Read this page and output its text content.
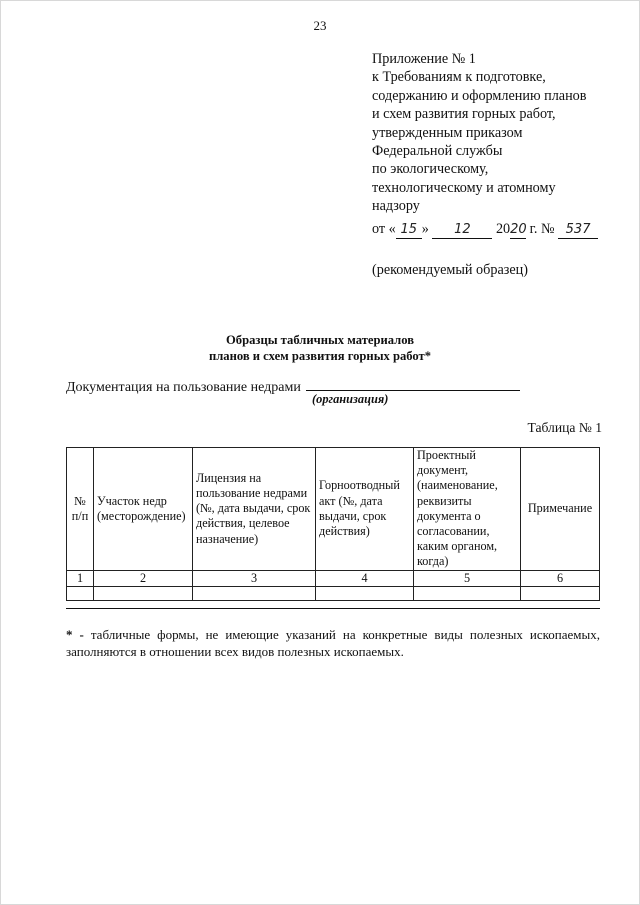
23
Приложение № 1
к Требованиям к подготовке,
содержанию и оформлению планов
и схем развития горных работ,
утвержденным приказом
Федеральной службы
по экологическому,
технологическому и атомному
надзору
от « 15 » 12 2020 г. № 537
(рекомендуемый образец)
Образцы табличных материалов
планов и схем развития горных работ*
Документация на пользование недрами
(организация)
Таблица № 1
№ п/п	Участок недр (месторождение)	Лицензия на пользование недрами (№, дата выдачи, срок действия, целевое назначение)	Горноотводный акт (№, дата выдачи, срок действия)	Проектный документ, (наименование, реквизиты документа о согласовании, каким органом, когда)	Примечание
1	2	3	4	5	6

* - табличные формы, не имеющие указаний на конкретные виды полезных ископаемых, заполняются в отношении всех видов полезных ископаемых.
